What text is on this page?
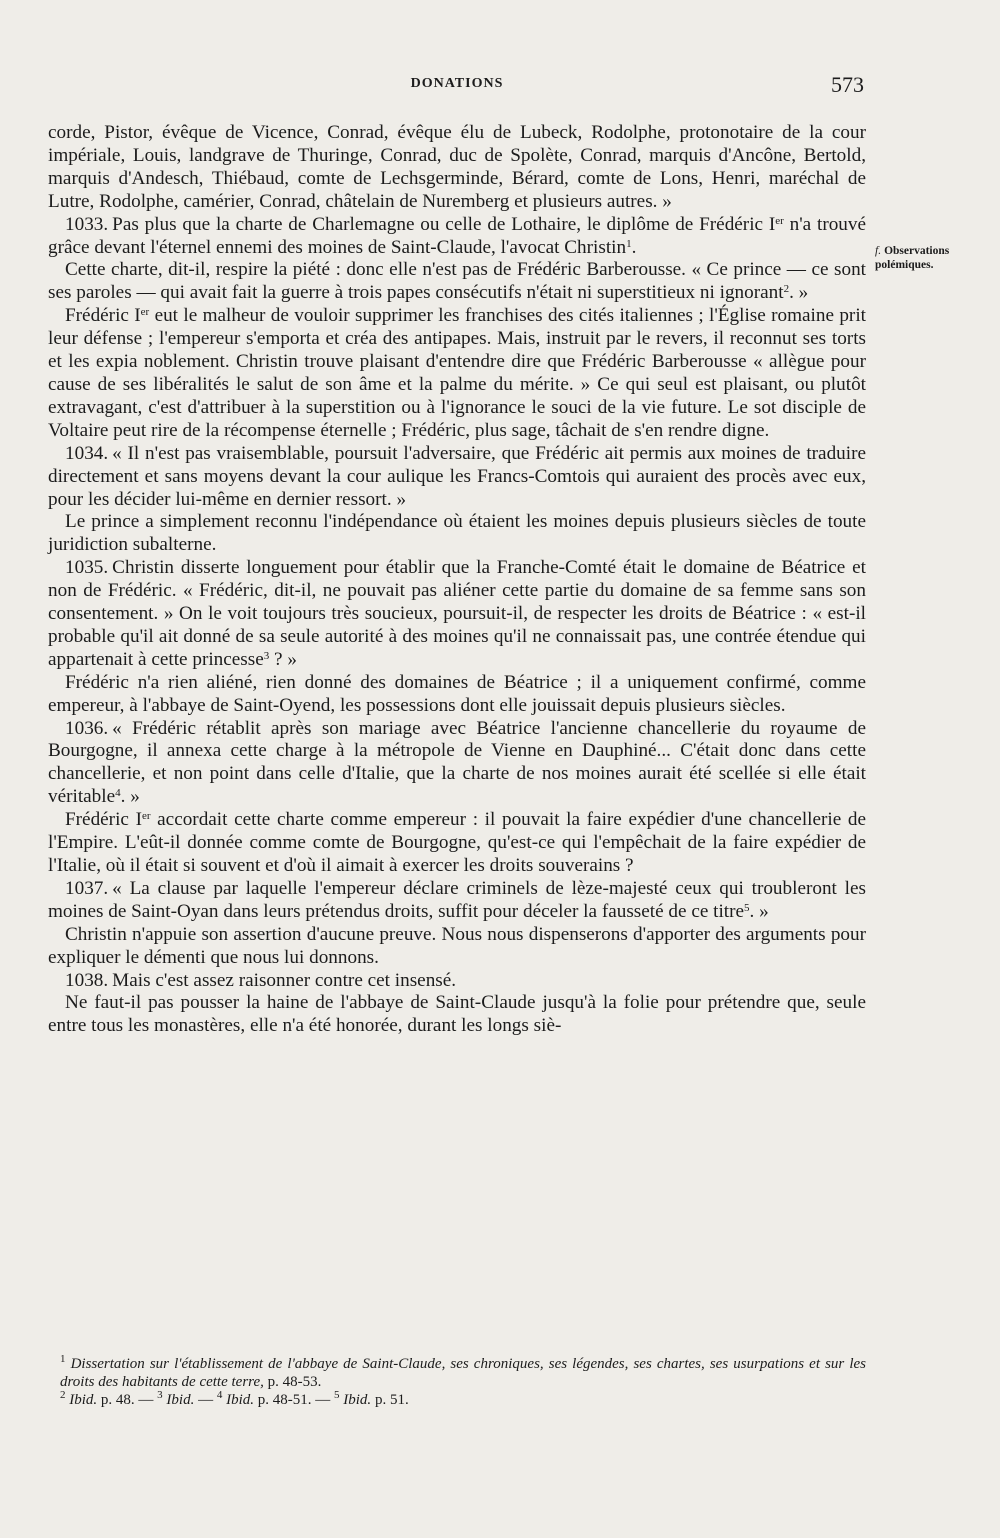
DONATIONS	573
f. Observations polémiques.

corde, Pistor, évêque de Vicence, Conrad, évêque élu de Lubeck, Rodolphe, protonotaire de la cour impériale, Louis, landgrave de Thuringe, Conrad, duc de Spolète, Conrad, marquis d'Ancône, Bertold, marquis d'Andesch, Thiébaud, comte de Lechsgerminde, Bérard, comte de Lons, Henri, maréchal de Lutre, Rodolphe, camérier, Conrad, châtelain de Nuremberg et plusieurs autres. »

1033. Pas plus que la charte de Charlemagne ou celle de Lothaire, le diplôme de Frédéric Ier n'a trouvé grâce devant l'éternel ennemi des moines de Saint-Claude, l'avocat Christin$^1$.

Cette charte, dit-il, respire la piété : donc elle n'est pas de Frédéric Barberousse. « Ce prince — ce sont ses paroles — qui avait fait la guerre à trois papes consécutifs n'était ni superstitieux ni ignorant$^2$. »

Frédéric Ier eut le malheur de vouloir supprimer les franchises des cités italiennes ; l'Église romaine prit leur défense ; l'empereur s'emporta et créa des antipapes. Mais, instruit par le revers, il reconnut ses torts et les expia noblement. Christin trouve plaisant d'entendre dire que Frédéric Barberousse « allègue pour cause de ses libéralités le salut de son âme et la palme du mérite. » Ce qui seul est plaisant, ou plutôt extravagant, c'est d'attribuer à la superstition ou à l'ignorance le souci de la vie future. Le sot disciple de Voltaire peut rire de la récompense éternelle ; Frédéric, plus sage, tâchait de s'en rendre digne.

1034. « Il n'est pas vraisemblable, poursuit l'adversaire, que Frédéric ait permis aux moines de traduire directement et sans moyens devant la cour aulique les Francs-Comtois qui auraient des procès avec eux, pour les décider lui-même en dernier ressort. »

Le prince a simplement reconnu l'indépendance où étaient les moines depuis plusieurs siècles de toute juridiction subalterne.

1035. Christin disserte longuement pour établir que la Franche-Comté était le domaine de Béatrice et non de Frédéric. « Frédéric, dit-il, ne pouvait pas aliéner cette partie du domaine de sa femme sans son consentement. » On le voit toujours très soucieux, poursuit-il, de respecter les droits de Béatrice : « est-il probable qu'il ait donné de sa seule autorité à des moines qu'il ne connaissait pas, une contrée étendue qui appartenait à cette princesse$^3$ ? »

Frédéric n'a rien aliéné, rien donné des domaines de Béatrice ; il a uniquement confirmé, comme empereur, à l'abbaye de Saint-Oyend, les possessions dont elle jouissait depuis plusieurs siècles.

1036. « Frédéric rétablit après son mariage avec Béatrice l'ancienne chancellerie du royaume de Bourgogne, il annexa cette charge à la métropole de Vienne en Dauphiné... C'était donc dans cette chancellerie, et non point dans celle d'Italie, que la charte de nos moines aurait été scellée si elle était véritable$^4$. »

Frédéric Ier accordait cette charte comme empereur : il pouvait la faire expédier d'une chancellerie de l'Empire. L'eût-il donnée comme comte de Bourgogne, qu'est-ce qui l'empêchait de la faire expédier de l'Italie, où il était si souvent et d'où il aimait à exercer les droits souverains ?

1037. « La clause par laquelle l'empereur déclare criminels de lèze-majesté ceux qui troubleront les moines de Saint-Oyan dans leurs prétendus droits, suffit pour déceler la fausseté de ce titre$^5$. »

Christin n'appuie son assertion d'aucune preuve. Nous nous dispenserons d'apporter des arguments pour expliquer le démenti que nous lui donnons.

1038. Mais c'est assez raisonner contre cet insensé.

Ne faut-il pas pousser la haine de l'abbaye de Saint-Claude jusqu'à la folie pour prétendre que, seule entre tous les monastères, elle n'a été honorée, durant les longs siè-

$^1$ Dissertation sur l'établissement de l'abbaye de Saint-Claude, ses chroniques, ses légendes, ses chartes, ses usurpations et sur les droits des habitants de cette terre, p. 48-53.

$^2$ Ibid. p. 48. — $^3$ Ibid. — $^4$ Ibid. p. 48-51. — $^5$ Ibid. p. 51.
